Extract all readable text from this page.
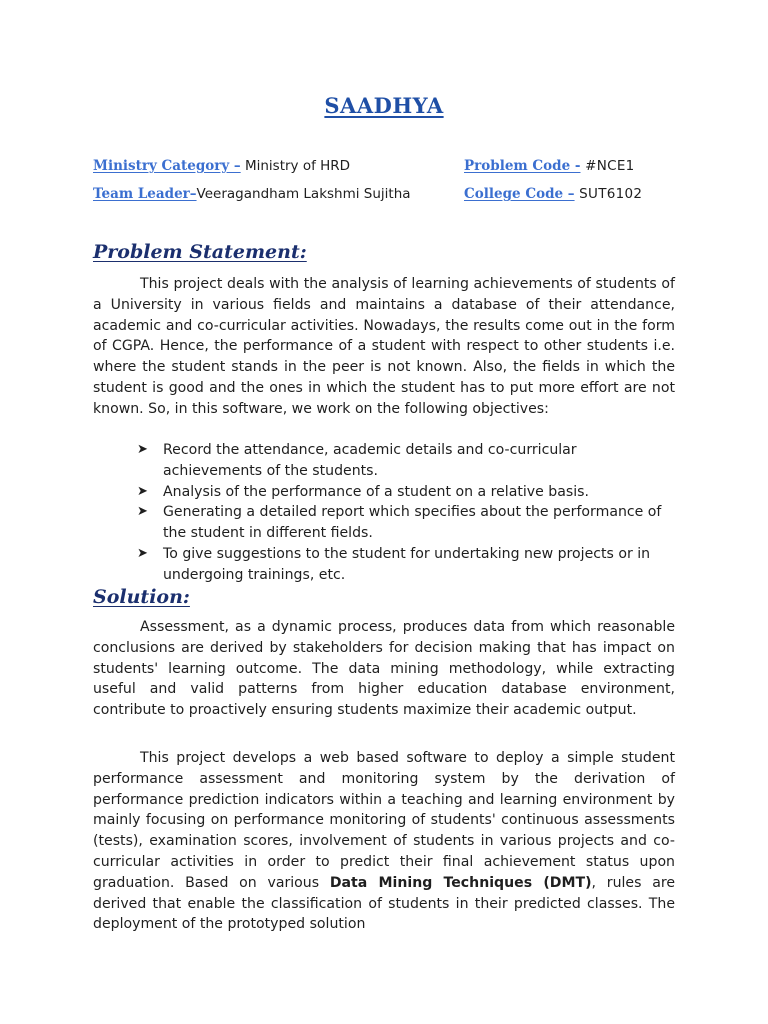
SAADHYA
Ministry Category – Ministry of HRD	Problem Code - #NCE1
Team Leader–Veeragandham Lakshmi Sujitha	College Code – SUT6102
Problem Statement:

This project deals with the analysis of learning achievements of students of a University in various fields and maintains a database of their attendance, academic and co-curricular activities. Nowadays, the results come out in the form of CGPA. Hence, the performance of a student with respect to other students i.e. where the student stands in the peer is not known. Also, the fields in which the student is good and the ones in which the student has to put more effort are not known. So, in this software, we work on the following objectives:

➤ Record the attendance, academic details and co-curricular achievements of the students.
➤ Analysis of the performance of a student on a relative basis.
➤ Generating a detailed report which specifies about the performance of the student in different fields.
➤ To give suggestions to the student for undertaking new projects or in undergoing trainings, etc.
Solution:

Assessment, as a dynamic process, produces data from which reasonable conclusions are derived by stakeholders for decision making that has impact on students' learning outcome. The data mining methodology, while extracting useful and valid patterns from higher education database environment, contribute to proactively ensuring students maximize their academic output.

This project develops a web based software to deploy a simple student performance assessment and monitoring system by the derivation of performance prediction indicators within a teaching and learning environment by mainly focusing on performance monitoring of students' continuous assessments (tests), examination scores, involvement of students in various projects and co-curricular activities in order to predict their final achievement status upon graduation. Based on various Data Mining Techniques (DMT), rules are derived that enable the classification of students in their predicted classes. The deployment of the prototyped solution
